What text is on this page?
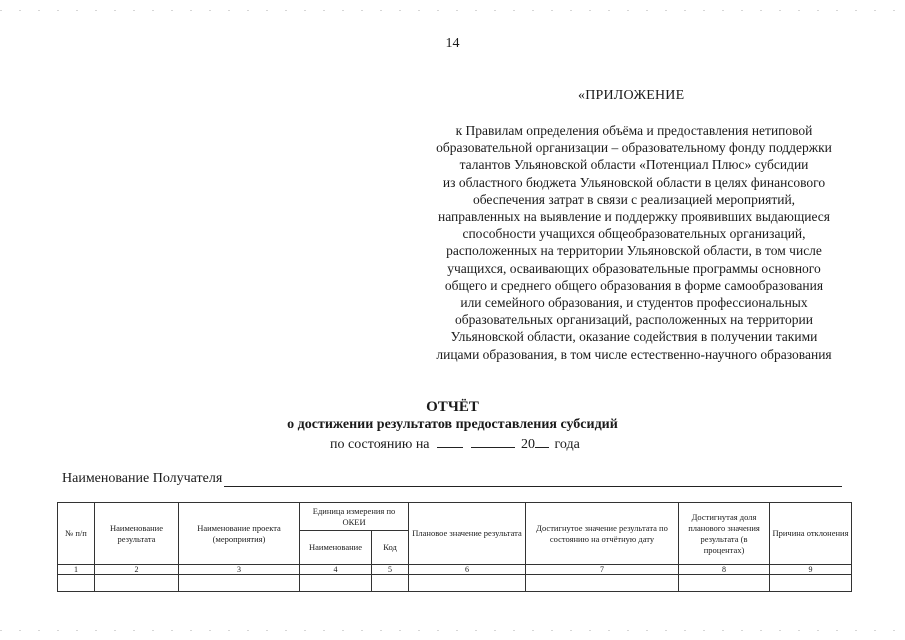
14
«ПРИЛОЖЕНИЕ
к Правилам определения объёма и предоставления нетиповой
образовательной организации – образовательному фонду поддержки
талантов Ульяновской области «Потенциал Плюс» субсидии
из областного бюджета Ульяновской области в целях финансового
обеспечения затрат в связи с реализацией мероприятий,
направленных на выявление и поддержку проявивших выдающиеся
способности учащихся общеобразовательных организаций,
расположенных на территории Ульяновской области, в том числе
учащихся, осваивающих образовательные программы основного
общего и среднего общего образования в форме самообразования
или семейного образования, и студентов профессиональных
образовательных организаций, расположенных на территории
Ульяновской области, оказание содействия в получении такими
лицами образования, в том числе естественно-научного образования
ОТЧЁТ
о достижении результатов предоставления субсидий
по состоянию на	20 года
Наименование Получателя
№ п/п	Наименование результата	Наименование проекта (мероприятия)	Единица измерения по ОКЕИ		Плановое значение результата	Достигнутое значение результата по состоянию на отчётную дату	Достигнутая доля планового значения результата (в процентах)	Причина отклонения
			Наименование	Код				
1	2	3	4	5	6	7	8	9
